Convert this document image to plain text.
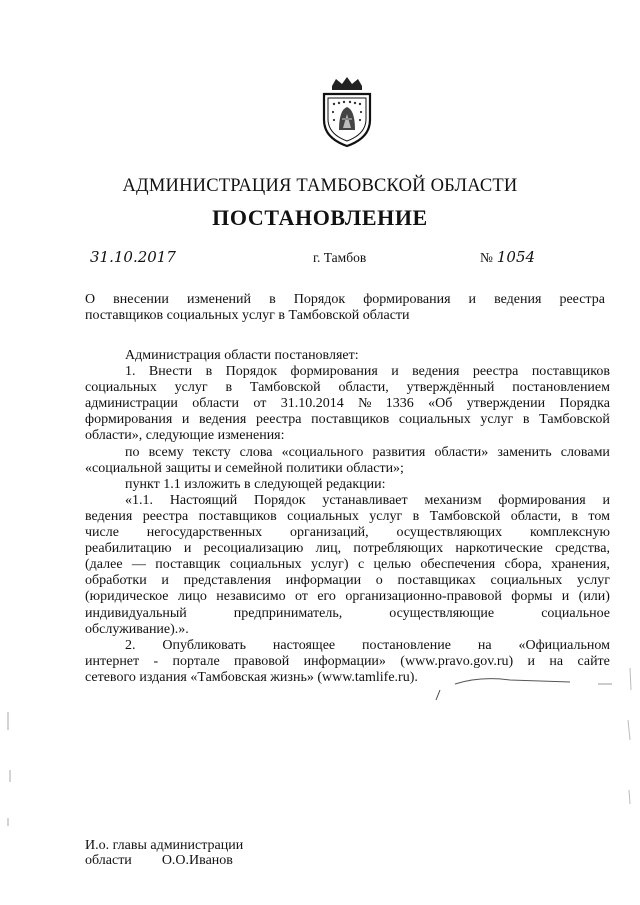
АДМИНИСТРАЦИЯ ТАМБОВСКОЙ ОБЛАСТИ
ПОСТАНОВЛЕНИЕ
31.10.2017	г. Тамбов	№ 1054
О внесении изменений в Порядок формирования и ведения реестра
поставщиков социальных услуг в Тамбовской области
Администрация области постановляет:
1. Внести в Порядок формирования и ведения реестра поставщиков
социальных услуг в Тамбовской области, утверждённый постановлением
администрации области от 31.10.2014 № 1336 «Об утверждении Порядка
формирования и ведения реестра поставщиков социальных услуг в Тамбовской
области», следующие изменения:
по всему тексту слова «социального развития области» заменить словами
«социальной защиты и семейной политики области»;
пункт 1.1 изложить в следующей редакции:
«1.1. Настоящий Порядок устанавливает механизм формирования и
ведения реестра поставщиков социальных услуг в Тамбовской области, в том
числе негосударственных организаций, осуществляющих комплексную
реабилитацию и ресоциализацию лиц, потребляющих наркотические средства,
(далее — поставщик социальных услуг) с целью обеспечения сбора, хранения,
обработки и представления информации о поставщиках социальных услуг
(юридическое лицо независимо от его организационно-правовой формы и (или)
индивидуальный	предприниматель,	осуществляющие	социальное
обслуживание).».
2. Опубликовать настоящее постановление на «Официальном
интернет - портале правовой информации» (www.pravo.gov.ru) и на сайте
сетевого издания «Тамбовская жизнь» (www.tamlife.ru).
И.о. главы администрации
области О.О.Иванов
